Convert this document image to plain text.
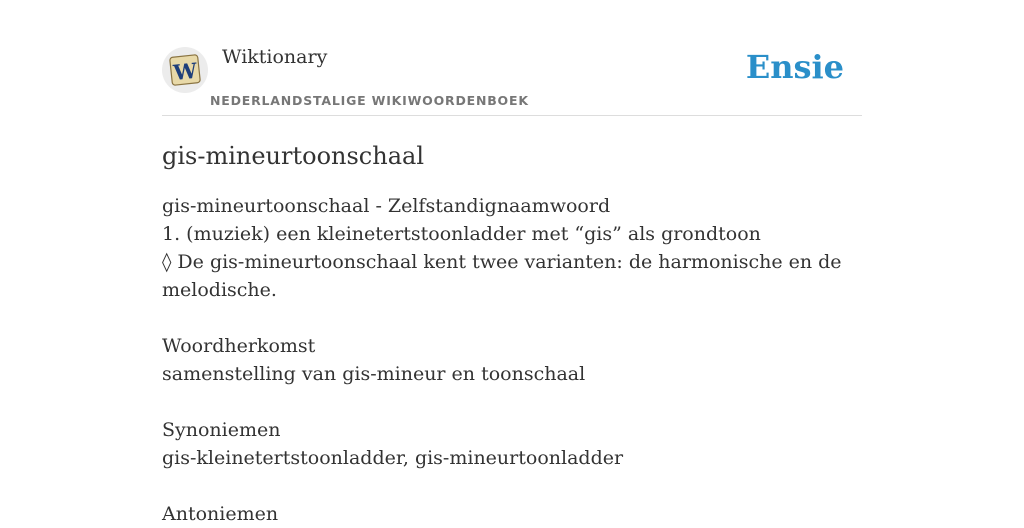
W
Wiktionary
NEDERLANDSTALIGE WIKIWOORDENBOEK
Ensie
gis-mineurtoonschaal

gis-mineurtoonschaal - Zelfstandignaamwoord

1. (muziek) een kleinetertstoonladder met “gis” als grondtoon

◊ De gis-mineurtoonschaal kent twee varianten: de harmonische en de melodische.

Woordherkomst

samenstelling van gis-mineur en toonschaal

Synoniemen

gis-kleinetertstoonladder, gis-mineurtoonladder

Antoniemen
